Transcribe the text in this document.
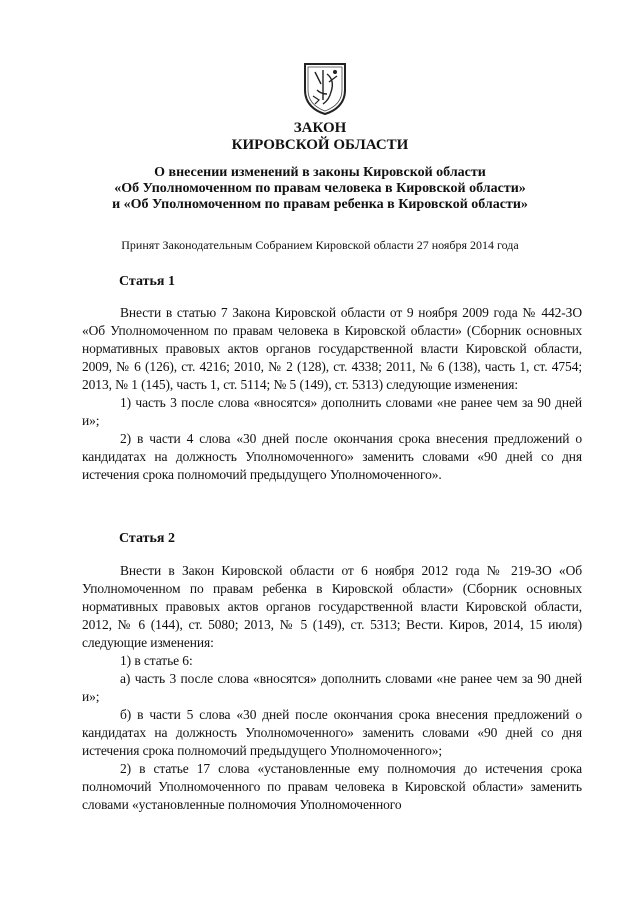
ЗАКОН
КИРОВСКОЙ ОБЛАСТИ
О внесении изменений в законы Кировской области
«Об Уполномоченном по правам человека в Кировской области»
и «Об Уполномоченном по правам ребенка в Кировской области»
Принят Законодательным Собранием Кировской области 27 ноября 2014 года
Статья 1

Внести в статью 7 Закона Кировской области от 9 ноября 2009 года № 442-ЗО «Об Уполномоченном по правам человека в Кировской области» (Сборник основных нормативных правовых актов органов государственной власти Кировской области, 2009, № 6 (126), ст. 4216; 2010, № 2 (128), ст. 4338; 2011, № 6 (138), часть 1, ст. 4754; 2013, № 1 (145), часть 1, ст. 5114; № 5 (149), ст. 5313) следующие изменения:

1) часть 3 после слова «вносятся» дополнить словами «не ранее чем за 90 дней и»;

2) в части 4 слова «30 дней после окончания срока внесения предложений о кандидатах на должность Уполномоченного» заменить словами «90 дней со дня истечения срока полномочий предыдущего Уполномоченного».

Статья 2

Внести в Закон Кировской области от 6 ноября 2012 года № 219-ЗО «Об Уполномоченном по правам ребенка в Кировской области» (Сборник основных нормативных правовых актов органов государственной власти Кировской области, 2012, № 6 (144), ст. 5080; 2013, № 5 (149), ст. 5313; Вести. Киров, 2014, 15 июля) следующие изменения:

1) в статье 6:

а) часть 3 после слова «вносятся» дополнить словами «не ранее чем за 90 дней и»;

б) в части 5 слова «30 дней после окончания срока внесения предложений о кандидатах на должность Уполномоченного» заменить словами «90 дней со дня истечения срока полномочий предыдущего Уполномоченного»;

2) в статье 17 слова «установленные ему полномочия до истечения срока полномочий Уполномоченного по правам человека в Кировской области» заменить словами «установленные полномочия Уполномоченного
